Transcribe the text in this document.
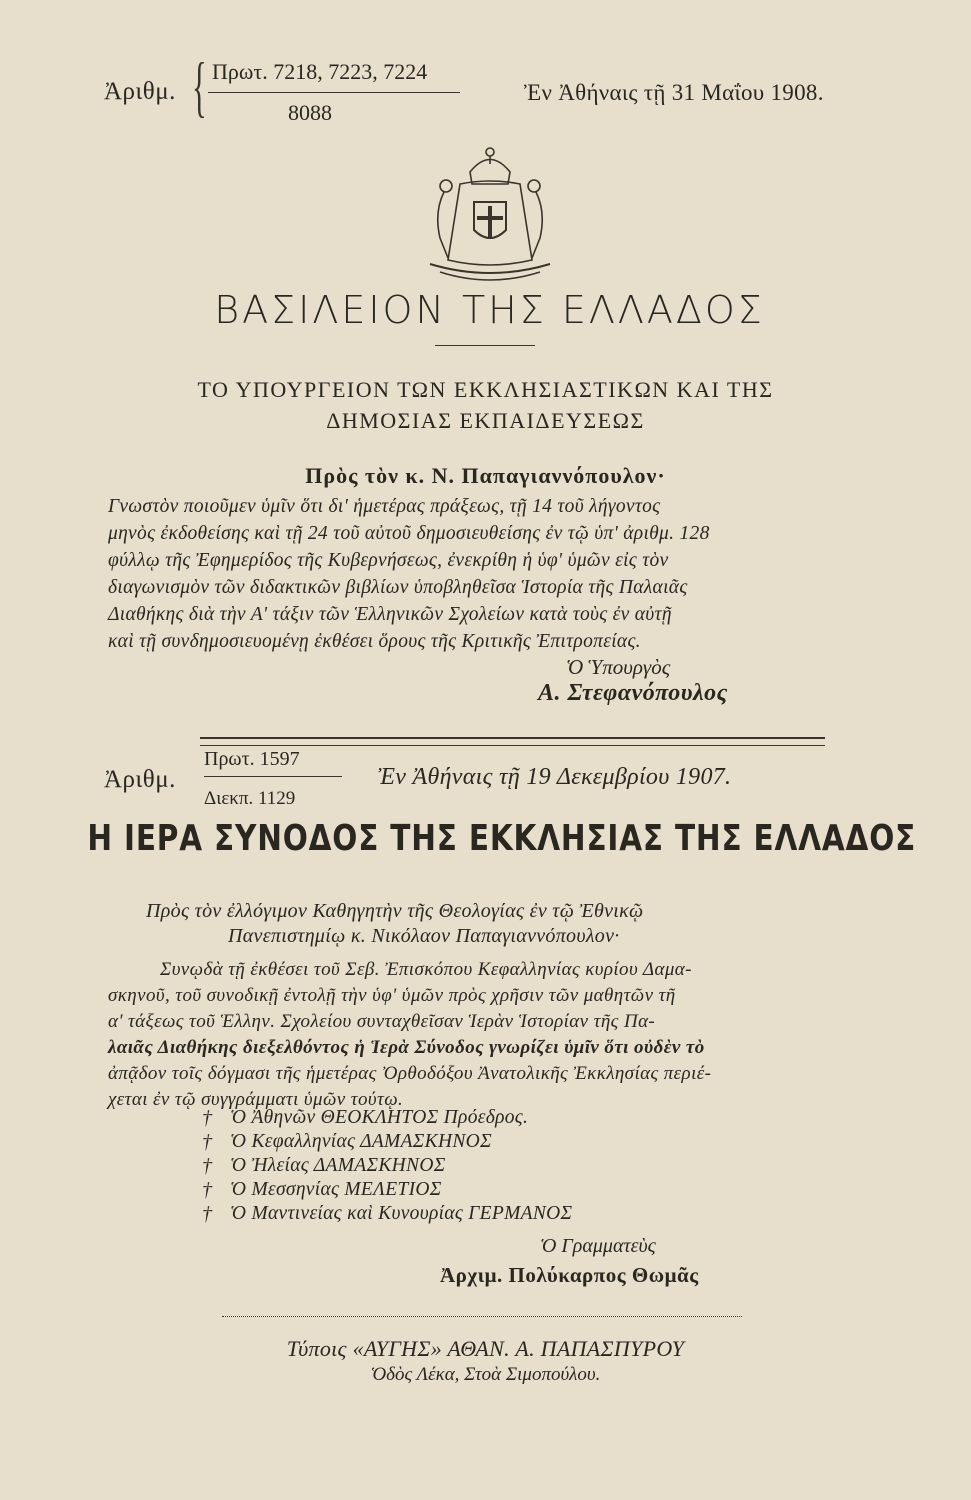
Ἀριθμ. { Πρωτ. 7218, 7223, 7224
8088
Ἐν Ἀθήναις τῇ 31 Μαΐου 1908.
ΒΑΣΙΛΕΙΟΝ ΤΗΣ ΕΛΛΑΔΟΣ
ΤΟ ΥΠΟΥΡΓΕΙΟΝ ΤΩΝ ΕΚΚΛΗΣΙΑΣΤΙΚΩΝ ΚΑΙ ΤΗΣ
ΔΗΜΟΣΙΑΣ ΕΚΠΑΙΔΕΥΣΕΩΣ
Πρὸς τὸν κ. Ν. Παπαγιαννόπουλον·
Γνωστὸν ποιοῦμεν ὑμῖν ὅτι δι' ἡμετέρας πράξεως, τῇ 14 τοῦ λήγοντος
μηνὸς ἐκδοθείσης καὶ τῇ 24 τοῦ αὐτοῦ δημοσιευθείσης ἐν τῷ ὑπ' ἀριθμ. 128
φύλλῳ τῆς Ἐφημερίδος τῆς Κυβερνήσεως, ἐνεκρίθη ἡ ὑφ' ὑμῶν εἰς τὸν
διαγωνισμὸν τῶν διδακτικῶν βιβλίων ὑποβληθεῖσα Ἱστορία τῆς Παλαιᾶς
Διαθήκης διὰ τὴν Α' τάξιν τῶν Ἑλληνικῶν Σχολείων κατὰ τοὺς ἐν αὐτῇ
καὶ τῇ συνδημοσιευομένῃ ἐκθέσει ὅρους τῆς Κριτικῆς Ἐπιτροπείας.
Ὁ Ὑπουργὸς
Α. Στεφανόπουλος
Πρωτ. 1597
Ἀριθμ.
Διεκπ. 1129
Ἐν Ἀθήναις τῇ 19 Δεκεμβρίου 1907.
Η ΙΕΡΑ ΣΥΝΟΔΟΣ ΤΗΣ ΕΚΚΛΗΣΙΑΣ ΤΗΣ ΕΛΛΑΔΟΣ
Πρὸς τὸν ἐλλόγιμον Καθηγητὴν τῆς Θεολογίας ἐν τῷ Ἐθνικῷ
Πανεπιστημίῳ κ. Νικόλαον Παπαγιαννόπουλον·
Συνῳδὰ τῇ ἐκθέσει τοῦ Σεβ. Ἐπισκόπου Κεφαλληνίας κυρίου Δαμα-
σκηνοῦ, τοῦ συνοδικῇ ἐντολῇ τὴν ὑφ' ὑμῶν πρὸς χρῆσιν τῶν μαθητῶν τῆ
α' τάξεως τοῦ Ἑλλην. Σχολείου συνταχθεῖσαν Ἱερὰν Ἱστορίαν τῆς Πα-
λαιᾶς Διαθήκης διεξελθόντος ἡ Ἱερὰ Σύνοδος γνωρίζει ὑμῖν ὅτι οὐδὲν τὸ
ἀπᾷδον τοῖς δόγμασι τῆς ἡμετέρας Ὀρθοδόξου Ἀνατολικῆς Ἐκκλησίας περιέ-
χεται ἐν τῷ συγγράμματι ὑμῶν τούτῳ.
† Ὁ Ἀθηνῶν ΘΕΟΚΛΗΤΟΣ Πρόεδρος.
† Ὁ Κεφαλληνίας ΔΑΜΑΣΚΗΝΟΣ
† Ὁ Ἠλείας ΔΑΜΑΣΚΗΝΟΣ
† Ὁ Μεσσηνίας ΜΕΛΕΤΙΟΣ
† Ὁ Μαντινείας καὶ Κυνουρίας ΓΕΡΜΑΝΟΣ
Ὁ Γραμματεὺς
Ἀρχιμ. Πολύκαρπος Θωμᾶς
Τύποις «ΑΥΓΗΣ» ΑΘΑΝ. Α. ΠΑΠΑΣΠΥΡΟΥ
Ὁδὸς Λέκα, Στοὰ Σιμοπούλου.
